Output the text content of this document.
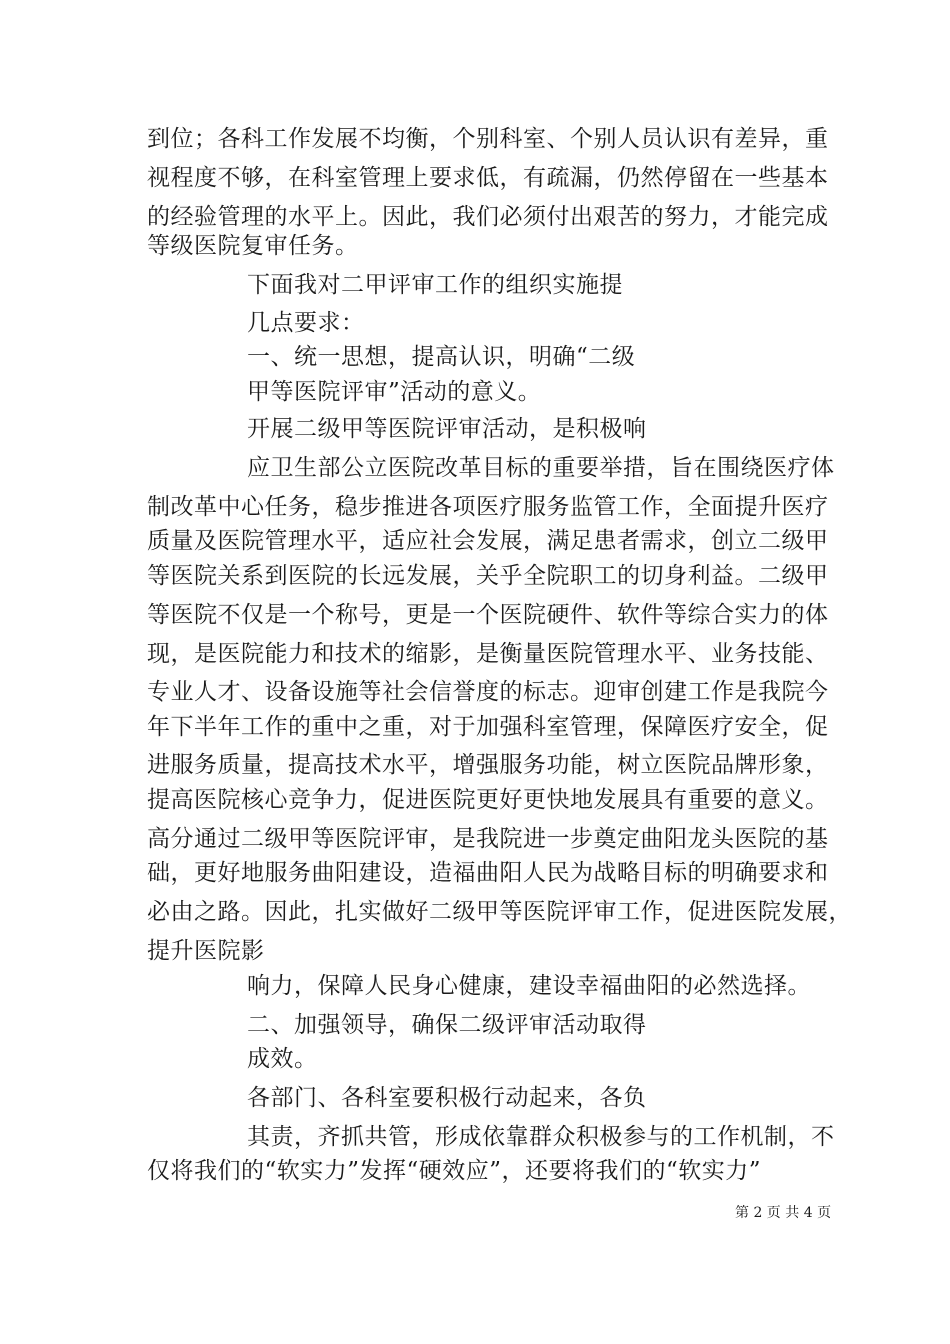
到位；各科工作发展不均衡，个别科室、个别人员认识有差异，重
视程度不够，在科室管理上要求低，有疏漏，仍然停留在一些基本
的经验管理的水平上。因此，我们必须付出艰苦的努力，才能完成
等级医院复审任务。
下面我对二甲评审工作的组织实施提
几点要求：
一、统一思想，提高认识，明确“二级
甲等医院评审”活动的意义。
开展二级甲等医院评审活动，是积极响
应卫生部公立医院改革目标的重要举措，旨在围绕医疗体
制改革中心任务，稳步推进各项医疗服务监管工作，全面提升医疗
质量及医院管理水平，适应社会发展，满足患者需求，创立二级甲
等医院关系到医院的长远发展，关乎全院职工的切身利益。二级甲
等医院不仅是一个称号，更是一个医院硬件、软件等综合实力的体
现，是医院能力和技术的缩影，是衡量医院管理水平、业务技能、
专业人才、设备设施等社会信誉度的标志。迎审创建工作是我院今
年下半年工作的重中之重，对于加强科室管理，保障医疗安全，促
进服务质量，提高技术水平，增强服务功能，树立医院品牌形象，
提高医院核心竞争力，促进医院更好更快地发展具有重要的意义。
高分通过二级甲等医院评审，是我院进一步奠定曲阳龙头医院的基
础，更好地服务曲阳建设，造福曲阳人民为战略目标的明确要求和
必由之路。因此，扎实做好二级甲等医院评审工作，促进医院发展，
提升医院影
响力，保障人民身心健康，建设幸福曲阳的必然选择。
二、加强领导，确保二级评审活动取得
成效。
各部门、各科室要积极行动起来，各负
其责，齐抓共管，形成依靠群众积极参与的工作机制，不
仅将我们的“软实力”发挥“硬效应”，还要将我们的“软实力”
第 2 页 共 4 页
